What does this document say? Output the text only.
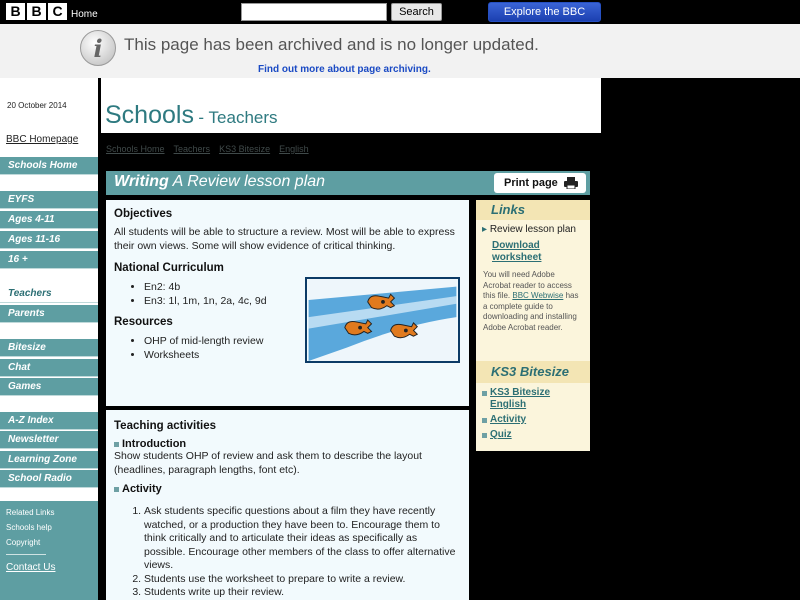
B B C Home	Search	Explore the BBC
i	This page has been archived and is no longer updated.
Find out more about page archiving.
20 October 2014
BBC Homepage
Schools Home
EYFS
Ages 4-11
Ages 11-16
16 +
Teachers
Parents
Bitesize
Chat
Games
A-Z Index
Newsletter
Learning Zone
School Radio
Related Links
Schools help
Copyright
Contact Us
Schools - Teachers
Schools Home Teachers KS3 Bitesize English
Writing A Review lesson plan	Print page
Objectives

All students will be able to structure a review. Most will be able to express their own views. Some will show evidence of critical thinking.

National Curriculum
• En2: 4b
• En3: 1l, 1m, 1n, 2a, 4c, 9d
Resources
• OHP of mid-length review
• Worksheets
Teaching activities
Introduction

Show students OHP of review and ask them to describe the layout (headlines, paragraph lengths, font etc).

Activity
1. Ask students specific questions about a film they have recently watched, or a production they have been to. Encourage them to think critically and to articulate their ideas as specifically as possible. Encourage other members of the class to offer alternative views.
2. Students use the worksheet to prepare to write a review.
3. Students write up their review.
Links
▸ Review lesson plan
Download worksheet
You will need Adobe Acrobat reader to access this file. BBC Webwise has a complete guide to downloading and installing Adobe Acrobat reader.
KS3 Bitesize
KS3 Bitesize English
Activity
Quiz
